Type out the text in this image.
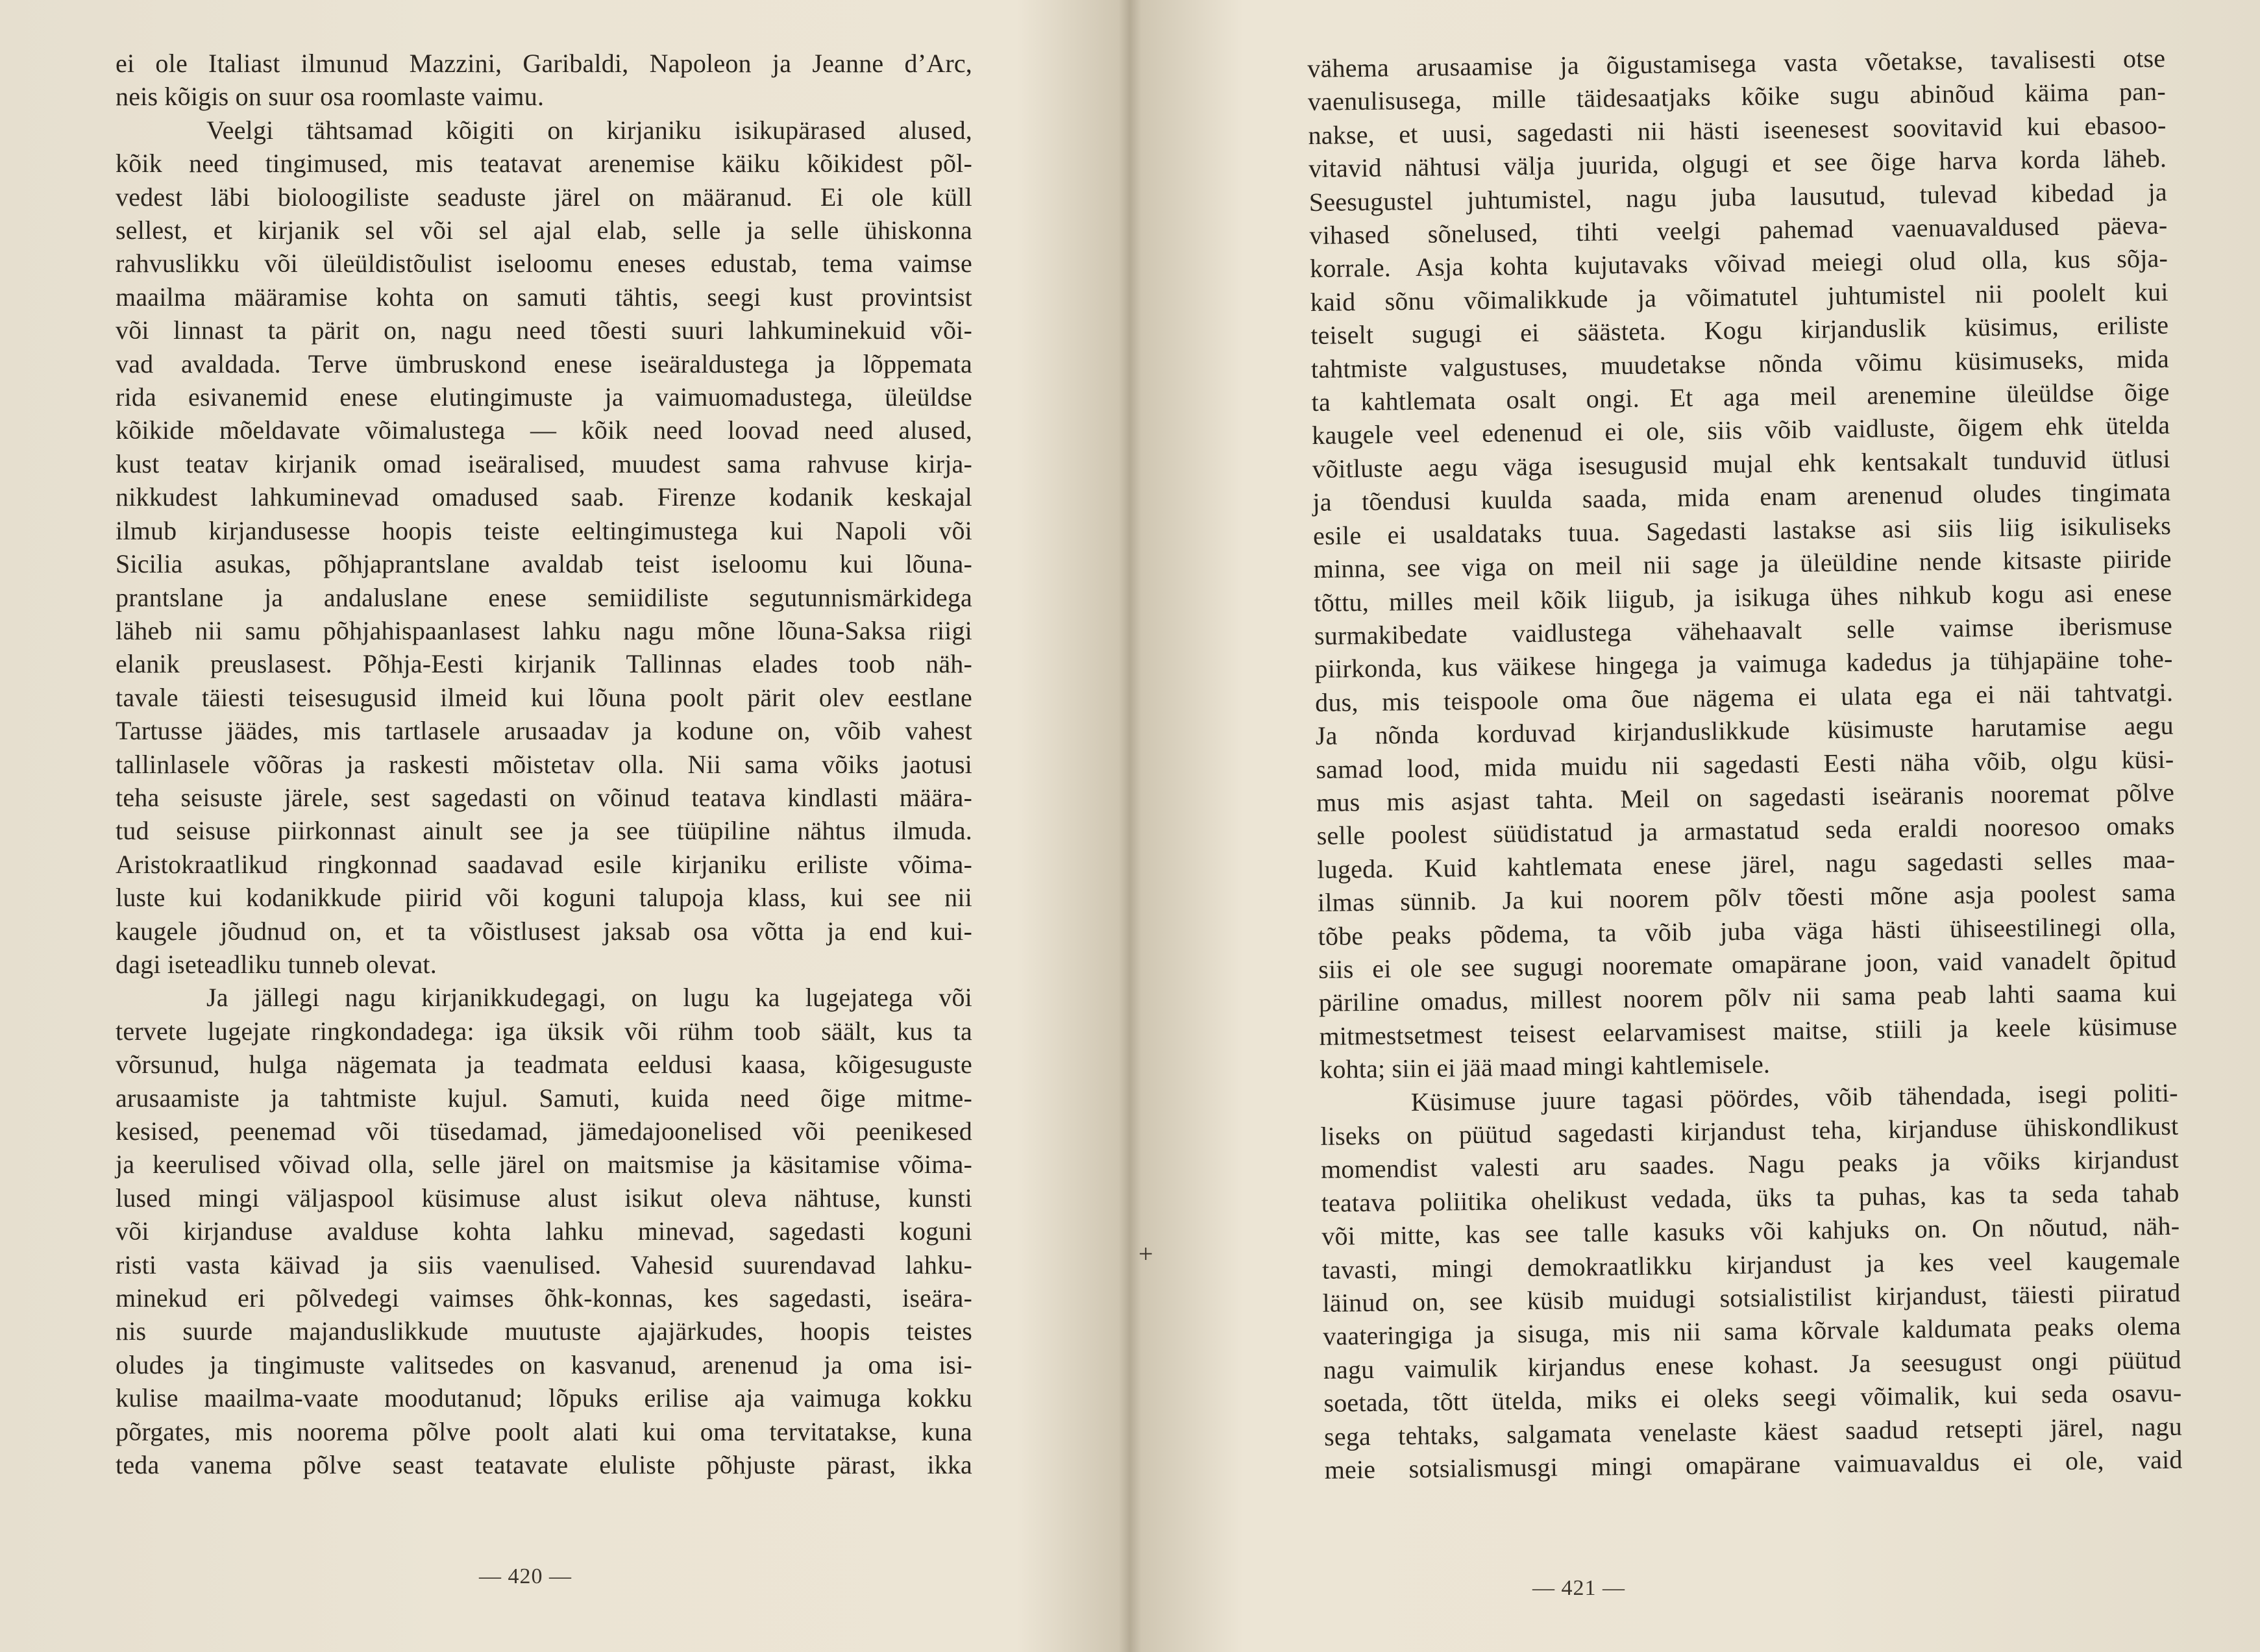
ei ole Italiast ilmunud Mazzini, Garibaldi, Napoleon ja Jeanne d’Arc,
neis kõigis on suur osa roomlaste vaimu.
Veelgi tähtsamad kõigiti on kirjaniku isikupärased alused,
kõik need tingimused, mis teatavat arenemise käiku kõikidest põl-
vedest läbi bioloogiliste seaduste järel on määranud. Ei ole küll
sellest, et kirjanik sel või sel ajal elab, selle ja selle ühiskonna
rahvuslikku või üleüldistõulist iseloomu eneses edustab, tema vaimse
maailma määramise kohta on samuti tähtis, seegi kust provintsist
või linnast ta pärit on, nagu need tõesti suuri lahkuminekuid või-
vad avaldada. Terve ümbruskond enese iseäraldustega ja lõppemata
rida esivanemid enese elutingimuste ja vaimuomadustega, üleüldse
kõikide mõeldavate võimalustega — kõik need loovad need alused,
kust teatav kirjanik omad iseäralised, muudest sama rahvuse kirja-
nikkudest lahkuminevad omadused saab. Firenze kodanik keskajal
ilmub kirjandusesse hoopis teiste eeltingimustega kui Napoli või
Sicilia asukas, põhjaprantslane avaldab teist iseloomu kui lõuna-
prantslane ja andaluslane enese semiidiliste segutunnismärkidega
läheb nii samu põhjahispaanlasest lahku nagu mõne lõuna-Saksa riigi
elanik preuslasest. Põhja-Eesti kirjanik Tallinnas elades toob näh-
tavale täiesti teisesugusid ilmeid kui lõuna poolt pärit olev eestlane
Tartusse jäädes, mis tartlasele arusaadav ja kodune on, võib vahest
tallinlasele võõras ja raskesti mõistetav olla. Nii sama võiks jaotusi
teha seisuste järele, sest sagedasti on võinud teatava kindlasti määra-
tud seisuse piirkonnast ainult see ja see tüüpiline nähtus ilmuda.
Aristokraatlikud ringkonnad saadavad esile kirjaniku eriliste võima-
luste kui kodanikkude piirid või koguni talupoja klass, kui see nii
kaugele jõudnud on, et ta võistlusest jaksab osa võtta ja end kui-
dagi iseteadliku tunneb olevat.
Ja jällegi nagu kirjanikkudegagi, on lugu ka lugejatega või
tervete lugejate ringkondadega: iga üksik või rühm toob säält, kus ta
võrsunud, hulga nägemata ja teadmata eeldusi kaasa, kõigesuguste
arusaamiste ja tahtmiste kujul. Samuti, kuida need õige mitme-
kesised, peenemad või tüsedamad, jämedajoonelised või peenikesed
ja keerulised võivad olla, selle järel on maitsmise ja käsitamise võima-
lused mingi väljaspool küsimuse alust isikut oleva nähtuse, kunsti
või kirjanduse avalduse kohta lahku minevad, sagedasti koguni
risti vasta käivad ja siis vaenulised. Vahesid suurendavad lahku-
minekud eri põlvedegi vaimses õhk-konnas, kes sagedasti, iseära-
nis suurde majanduslikkude muutuste ajajärkudes, hoopis teistes
oludes ja tingimuste valitsedes on kasvanud, arenenud ja oma isi-
kulise maailma-vaate moodutanud; lõpuks erilise aja vaimuga kokku
põrgates, mis noorema põlve poolt alati kui oma tervitatakse, kuna
teda vanema põlve seast teatavate eluliste põhjuste pärast, ikka
— 420 —
+
vähema arusaamise ja õigustamisega vasta võetakse, tavalisesti otse
vaenulisusega, mille täidesaatjaks kõike sugu abinõud käima pan-
nakse, et uusi, sagedasti nii hästi iseenesest soovitavid kui ebasoo-
vitavid nähtusi välja juurida, olgugi et see õige harva korda läheb.
Seesugustel juhtumistel, nagu juba lausutud, tulevad kibedad ja
vihased sõnelused, tihti veelgi pahemad vaenuavaldused päeva-
korrale. Asja kohta kujutavaks võivad meiegi olud olla, kus sõja-
kaid sõnu võimalikkude ja võimatutel juhtumistel nii poolelt kui
teiselt sugugi ei säästeta. Kogu kirjanduslik küsimus, eriliste
tahtmiste valgustuses, muudetakse nõnda võimu küsimuseks, mida
ta kahtlemata osalt ongi. Et aga meil arenemine üleüldse õige
kaugele veel edenenud ei ole, siis võib vaidluste, õigem ehk ütelda
võitluste aegu väga isesugusid mujal ehk kentsakalt tunduvid ütlusi
ja tõendusi kuulda saada, mida enam arenenud oludes tingimata
esile ei usaldataks tuua. Sagedasti lastakse asi siis liig isikuliseks
minna, see viga on meil nii sage ja üleüldine nende kitsaste piiride
tõttu, milles meil kõik liigub, ja isikuga ühes nihkub kogu asi enese
surmakibedate vaidlustega vähehaavalt selle vaimse iberismuse
piirkonda, kus väikese hingega ja vaimuga kadedus ja tühjapäine tohe-
dus, mis teispoole oma õue nägema ei ulata ega ei näi tahtvatgi.
Ja nõnda korduvad kirjanduslikkude küsimuste harutamise aegu
samad lood, mida muidu nii sagedasti Eesti näha võib, olgu küsi-
mus mis asjast tahta. Meil on sagedasti iseäranis nooremat põlve
selle poolest süüdistatud ja armastatud seda eraldi nooresoo omaks
lugeda. Kuid kahtlemata enese järel, nagu sagedasti selles maa-
ilmas sünnib. Ja kui noorem põlv tõesti mõne asja poolest sama
tõbe peaks põdema, ta võib juba väga hästi ühiseestilinegi olla,
siis ei ole see sugugi nooremate omapärane joon, vaid vanadelt õpitud
päriline omadus, millest noorem põlv nii sama peab lahti saama kui
mitmestsetmest teisest eelarvamisest maitse, stiili ja keele küsimuse
kohta; siin ei jää maad mingi kahtlemisele.
Küsimuse juure tagasi pöördes, võib tähendada, isegi politi-
liseks on püütud sagedasti kirjandust teha, kirjanduse ühiskondlikust
momendist valesti aru saades. Nagu peaks ja võiks kirjandust
teatava poliitika ohelikust vedada, üks ta puhas, kas ta seda tahab
või mitte, kas see talle kasuks või kahjuks on. On nõutud, näh-
tavasti, mingi demokraatlikku kirjandust ja kes veel kaugemale
läinud on, see küsib muidugi sotsialistilist kirjandust, täiesti piiratud
vaateringiga ja sisuga, mis nii sama kõrvale kaldumata peaks olema
nagu vaimulik kirjandus enese kohast. Ja seesugust ongi püütud
soetada, tõtt ütelda, miks ei oleks seegi võimalik, kui seda osavu-
sega tehtaks, salgamata venelaste käest saadud retsepti järel, nagu
meie sotsialismusgi mingi omapärane vaimuavaldus ei ole, vaid
— 421 —
